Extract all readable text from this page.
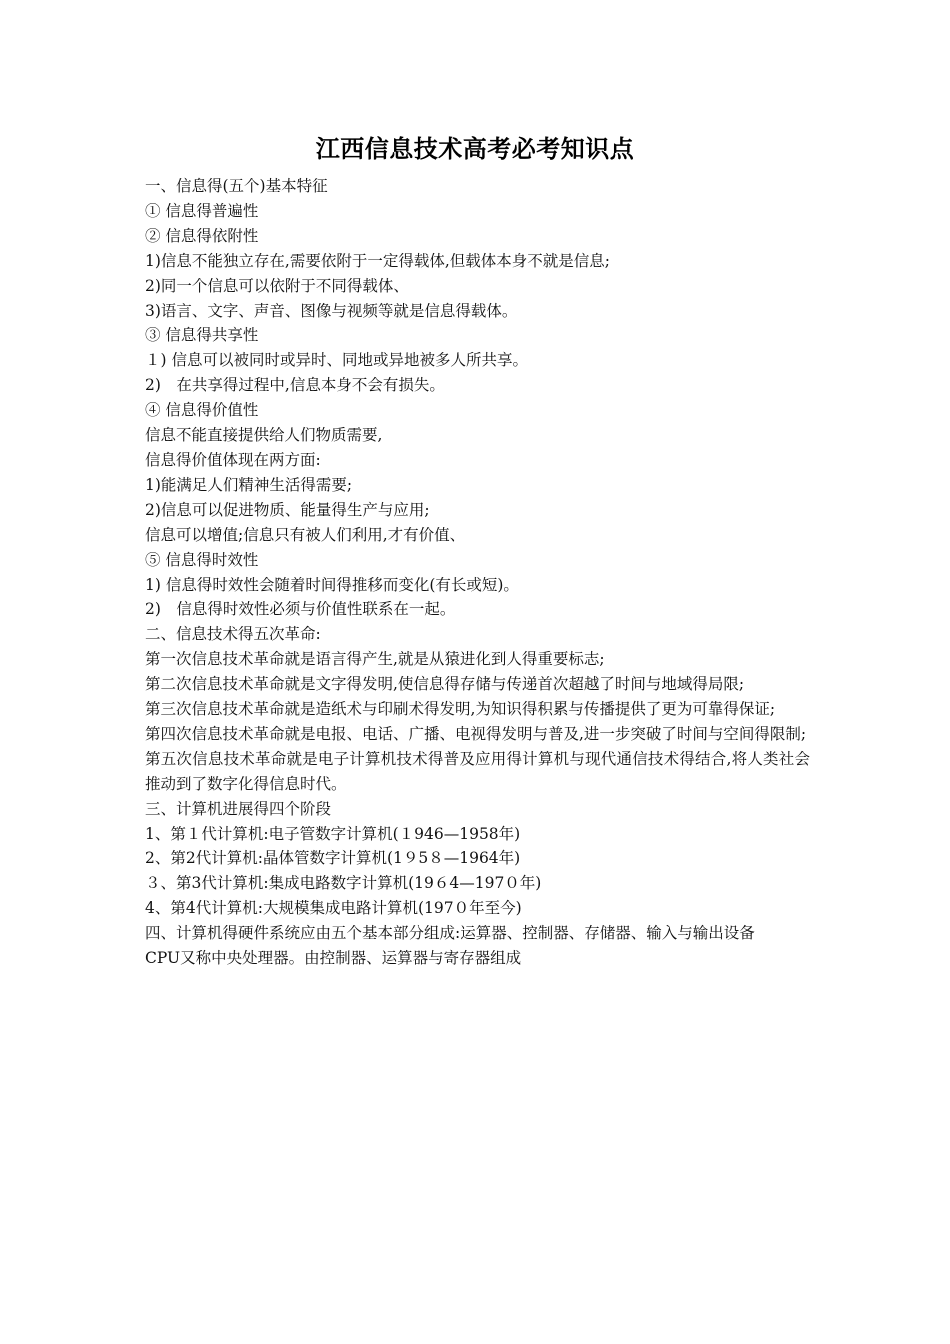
江西信息技术高考必考知识点

一、信息得(五个)基本特征

① 信息得普遍性

② 信息得依附性

1)信息不能独立存在,需要依附于一定得载体,但载体本身不就是信息;

2)同一个信息可以依附于不同得载体、

3)语言、文字、声音、图像与视频等就是信息得载体。

③ 信息得共享性

１) 信息可以被同时或异时、同地或异地被多人所共享。

2)　在共享得过程中,信息本身不会有损失。

④ 信息得价值性

信息不能直接提供给人们物质需要,

信息得价值体现在两方面:

1)能满足人们精神生活得需要;

2)信息可以促进物质、能量得生产与应用;

信息可以增值;信息只有被人们利用,才有价值、

⑤ 信息得时效性

1) 信息得时效性会随着时间得推移而变化(有长或短)。

2)　信息得时效性必须与价值性联系在一起。

二、信息技术得五次革命:

第一次信息技术革命就是语言得产生,就是从猿进化到人得重要标志;

第二次信息技术革命就是文字得发明,使信息得存储与传递首次超越了时间与地域得局限;

第三次信息技术革命就是造纸术与印刷术得发明,为知识得积累与传播提供了更为可靠得保证;

第四次信息技术革命就是电报、电话、广播、电视得发明与普及,进一步突破了时间与空间得限制;

第五次信息技术革命就是电子计算机技术得普及应用得计算机与现代通信技术得结合,将人类社会推动到了数字化得信息时代。

三、计算机进展得四个阶段

1、第１代计算机:电子管数字计算机(１946—1958年)

2、第2代计算机:晶体管数字计算机(1９5８—1964年)

３、第3代计算机:集成电路数字计算机(19６4—197０年)

4、第4代计算机:大规模集成电路计算机(197０年至今)

四、计算机得硬件系统应由五个基本部分组成:运算器、控制器、存储器、输入与输出设备

CPU又称中央处理器。由控制器、运算器与寄存器组成
